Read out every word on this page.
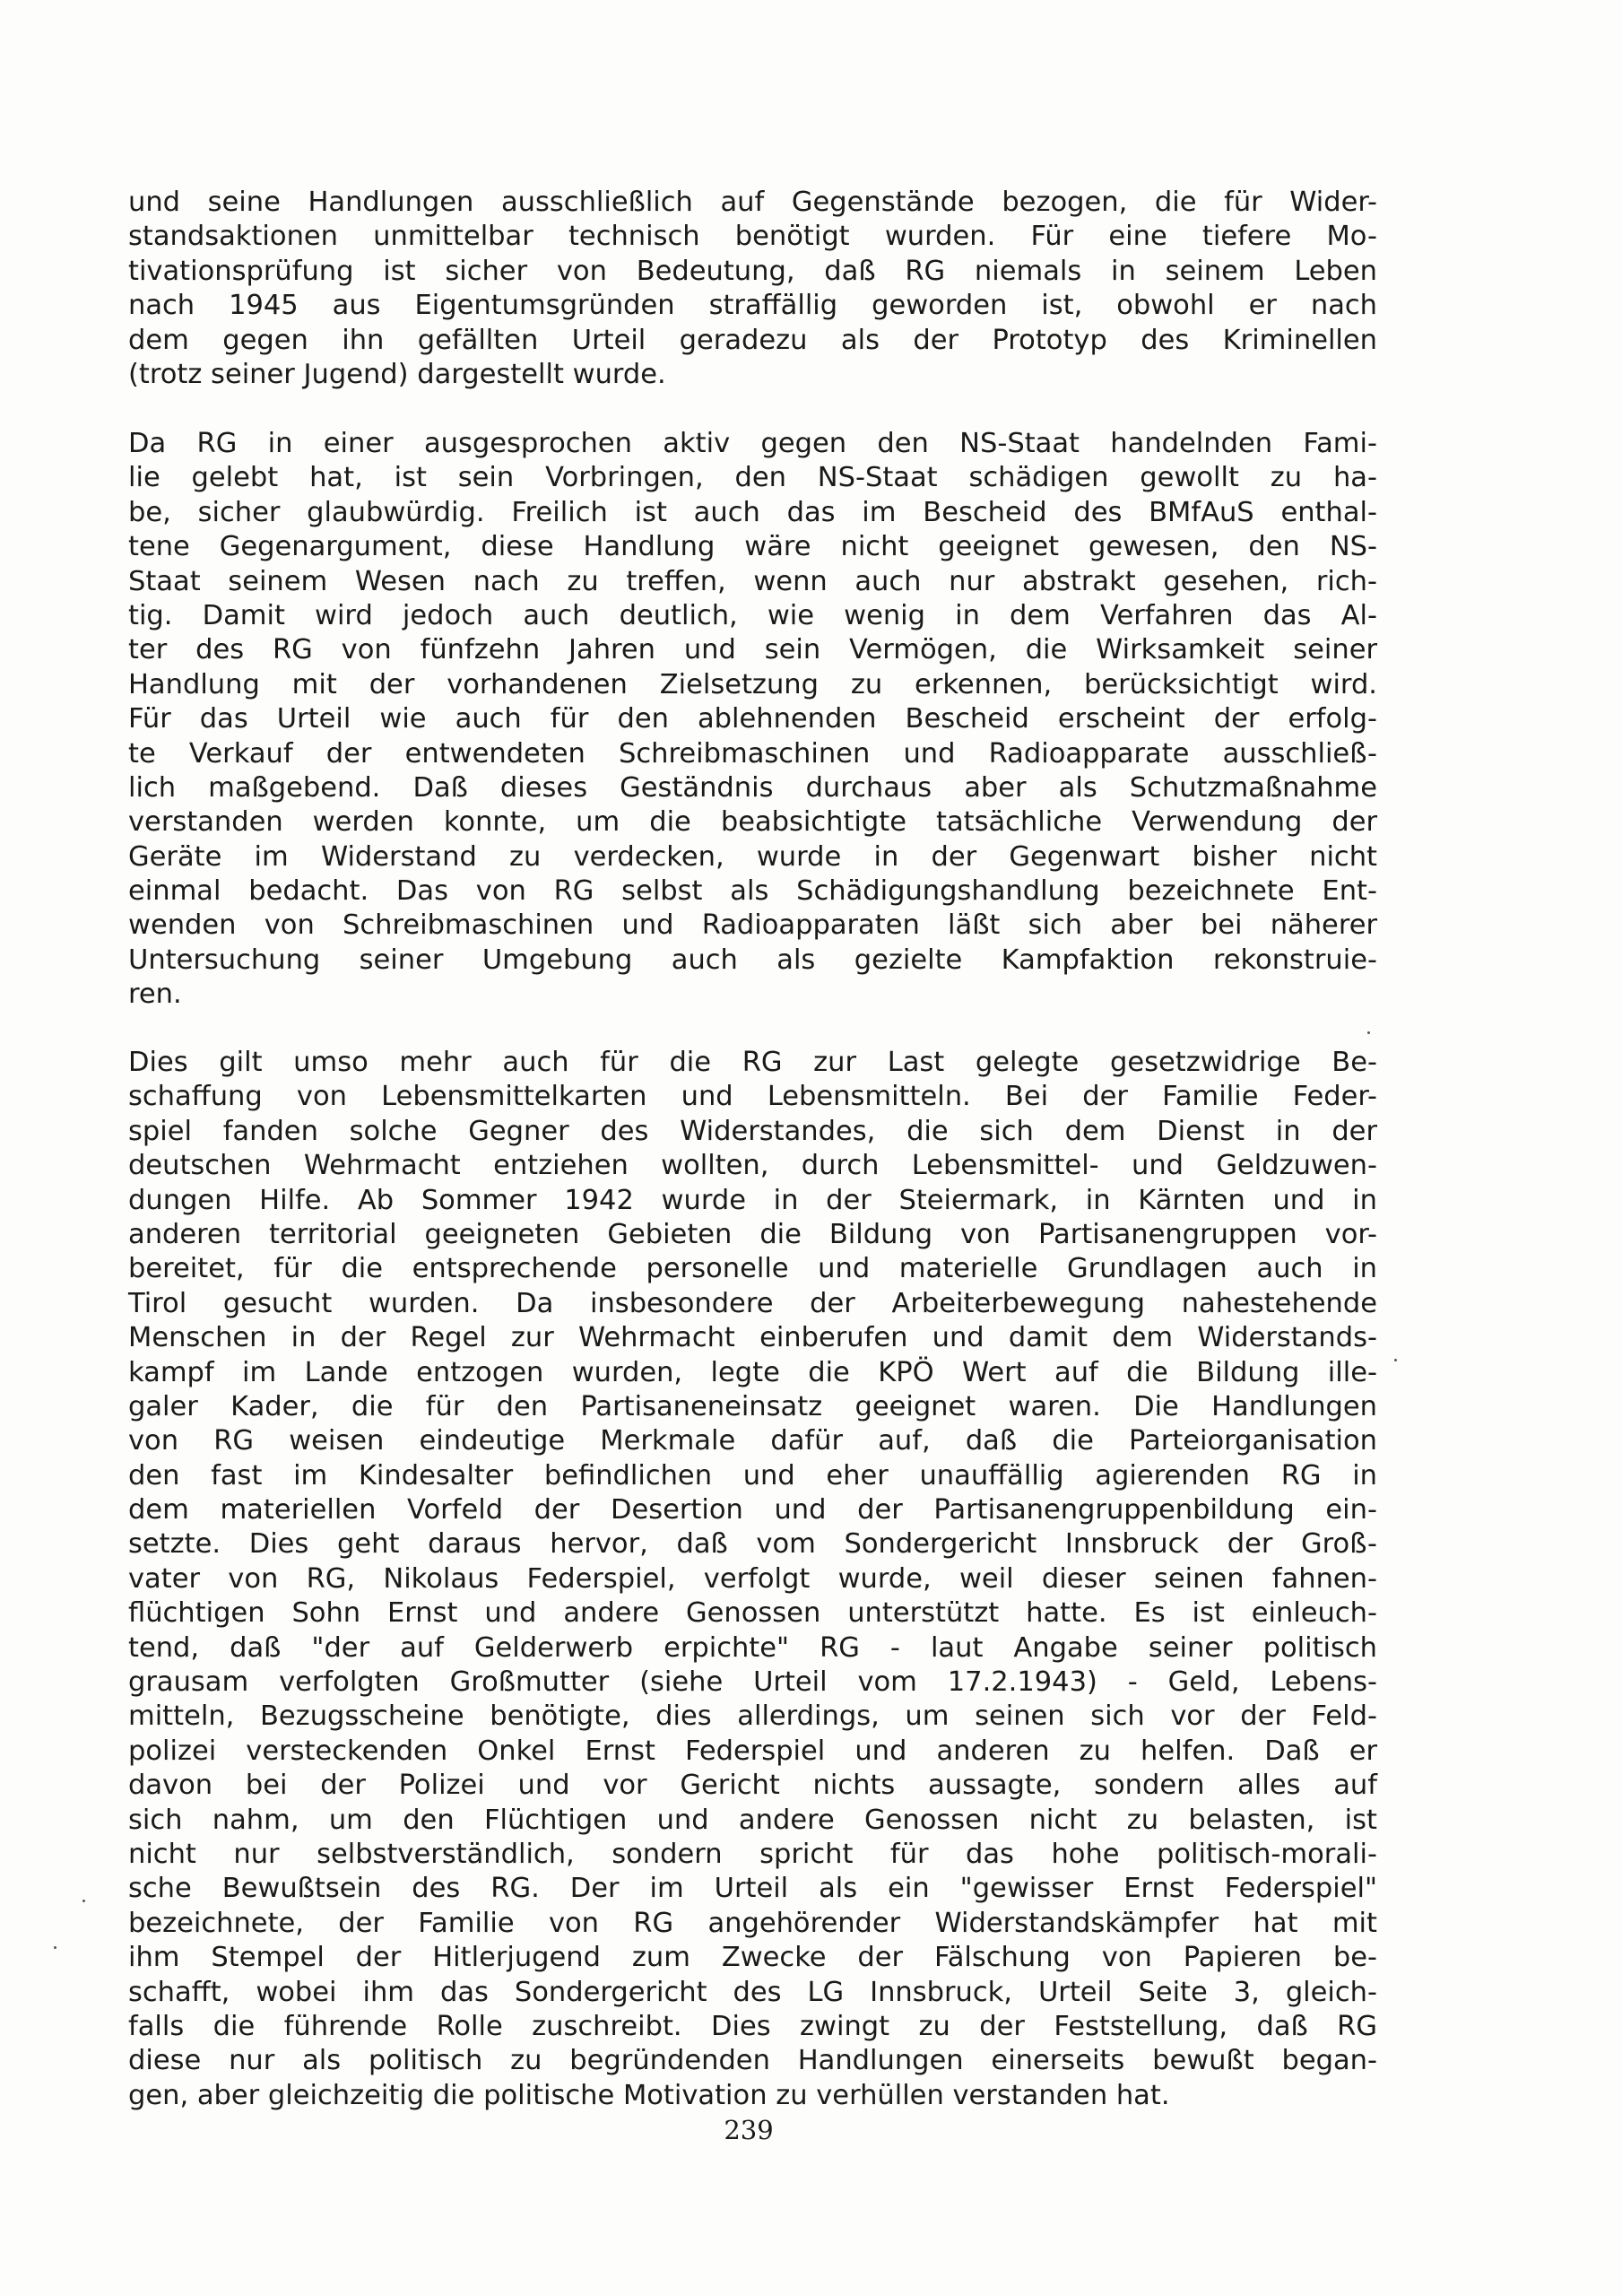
und seine Handlungen ausschließlich auf Gegenstände bezogen, die für Wider-
standsaktionen unmittelbar technisch benötigt wurden. Für eine tiefere Mo-
tivationsprüfung ist sicher von Bedeutung, daß RG niemals in seinem Leben
nach 1945 aus Eigentumsgründen straffällig geworden ist, obwohl er nach
dem gegen ihn gefällten Urteil geradezu als der Prototyp des Kriminellen
(trotz seiner Jugend) dargestellt wurde.
Da RG in einer ausgesprochen aktiv gegen den NS-Staat handelnden Fami-
lie gelebt hat, ist sein Vorbringen, den NS-Staat schädigen gewollt zu ha-
be, sicher glaubwürdig. Freilich ist auch das im Bescheid des BMfAuS enthal-
tene Gegenargument, diese Handlung wäre nicht geeignet gewesen, den NS-
Staat seinem Wesen nach zu treffen, wenn auch nur abstrakt gesehen, rich-
tig. Damit wird jedoch auch deutlich, wie wenig in dem Verfahren das Al-
ter des RG von fünfzehn Jahren und sein Vermögen, die Wirksamkeit seiner
Handlung mit der vorhandenen Zielsetzung zu erkennen, berücksichtigt wird.
Für das Urteil wie auch für den ablehnenden Bescheid erscheint der erfolg-
te Verkauf der entwendeten Schreibmaschinen und Radioapparate ausschließ-
lich maßgebend. Daß dieses Geständnis durchaus aber als Schutzmaßnahme
verstanden werden konnte, um die beabsichtigte tatsächliche Verwendung der
Geräte im Widerstand zu verdecken, wurde in der Gegenwart bisher nicht
einmal bedacht. Das von RG selbst als Schädigungshandlung bezeichnete Ent-
wenden von Schreibmaschinen und Radioapparaten läßt sich aber bei näherer
Untersuchung seiner Umgebung auch als gezielte Kampfaktion rekonstruie-
ren.
Dies gilt umso mehr auch für die RG zur Last gelegte gesetzwidrige Be-
schaffung von Lebensmittelkarten und Lebensmitteln. Bei der Familie Feder-
spiel fanden solche Gegner des Widerstandes, die sich dem Dienst in der
deutschen Wehrmacht entziehen wollten, durch Lebensmittel- und Geldzuwen-
dungen Hilfe. Ab Sommer 1942 wurde in der Steiermark, in Kärnten und in
anderen territorial geeigneten Gebieten die Bildung von Partisanengruppen vor-
bereitet, für die entsprechende personelle und materielle Grundlagen auch in
Tirol gesucht wurden. Da insbesondere der Arbeiterbewegung nahestehende
Menschen in der Regel zur Wehrmacht einberufen und damit dem Widerstands-
kampf im Lande entzogen wurden, legte die KPÖ Wert auf die Bildung ille-
galer Kader, die für den Partisaneneinsatz geeignet waren. Die Handlungen
von RG weisen eindeutige Merkmale dafür auf, daß die Parteiorganisation
den fast im Kindesalter befindlichen und eher unauffällig agierenden RG in
dem materiellen Vorfeld der Desertion und der Partisanengruppenbildung ein-
setzte. Dies geht daraus hervor, daß vom Sondergericht Innsbruck der Groß-
vater von RG, Nikolaus Federspiel, verfolgt wurde, weil dieser seinen fahnen-
flüchtigen Sohn Ernst und andere Genossen unterstützt hatte. Es ist einleuch-
tend, daß "der auf Gelderwerb erpichte" RG - laut Angabe seiner politisch
grausam verfolgten Großmutter (siehe Urteil vom 17.2.1943) - Geld, Lebens-
mitteln, Bezugsscheine benötigte, dies allerdings, um seinen sich vor der Feld-
polizei versteckenden Onkel Ernst Federspiel und anderen zu helfen. Daß er
davon bei der Polizei und vor Gericht nichts aussagte, sondern alles auf
sich nahm, um den Flüchtigen und andere Genossen nicht zu belasten, ist
nicht nur selbstverständlich, sondern spricht für das hohe politisch-morali-
sche Bewußtsein des RG. Der im Urteil als ein "gewisser Ernst Federspiel"
bezeichnete, der Familie von RG angehörender Widerstandskämpfer hat mit
ihm Stempel der Hitlerjugend zum Zwecke der Fälschung von Papieren be-
schafft, wobei ihm das Sondergericht des LG Innsbruck, Urteil Seite 3, gleich-
falls die führende Rolle zuschreibt. Dies zwingt zu der Feststellung, daß RG
diese nur als politisch zu begründenden Handlungen einerseits bewußt began-
gen, aber gleichzeitig die politische Motivation zu verhüllen verstanden hat.
239
